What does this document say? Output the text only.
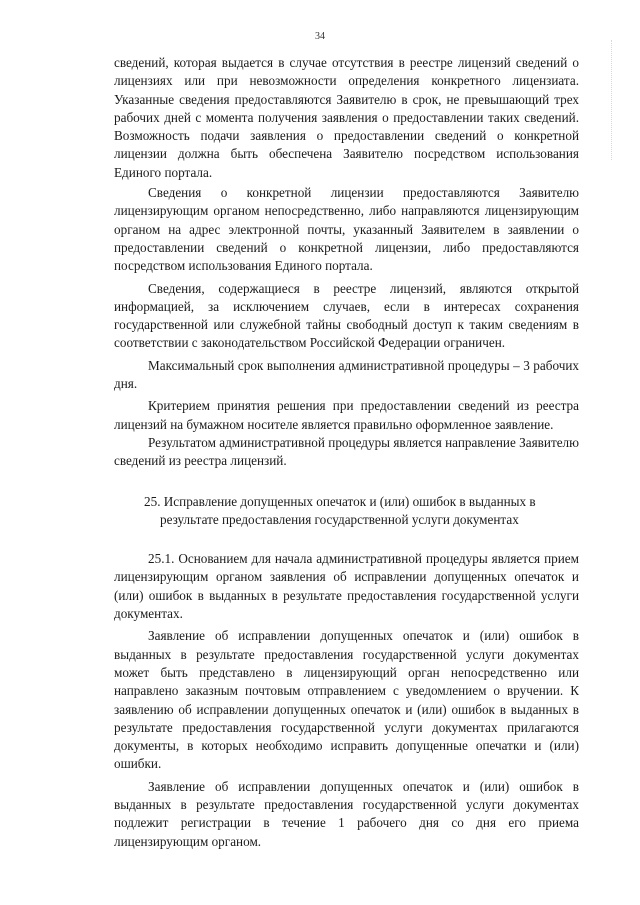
34

сведений, которая выдается в случае отсутствия в реестре лицензий сведений о лицензиях или при невозможности определения конкретного лицензиата. Указанные сведения предоставляются Заявителю в срок, не превышающий трех рабочих дней с момента получения заявления о предоставлении таких сведений. Возможность подачи заявления о предоставлении сведений о конкретной лицензии должна быть обеспечена Заявителю посредством использования Единого портала.

Сведения о конкретной лицензии предоставляются Заявителю лицензирующим органом непосредственно, либо направляются лицензирующим органом на адрес электронной почты, указанный Заявителем в заявлении о предоставлении сведений о конкретной лицензии, либо предоставляются посредством использования Единого портала.

Сведения, содержащиеся в реестре лицензий, являются открытой информацией, за исключением случаев, если в интересах сохранения государственной или служебной тайны свободный доступ к таким сведениям в соответствии с законодательством Российской Федерации ограничен.

Максимальный срок выполнения административной процедуры – 3 рабочих дня.

Критерием принятия решения при предоставлении сведений из реестра лицензий на бумажном носителе является правильно оформленное заявление.

Результатом административной процедуры является направление Заявителю сведений из реестра лицензий.

25. Исправление допущенных опечаток и (или) ошибок в выданных в
результате предоставления государственной услуги документах

25.1. Основанием для начала административной процедуры является прием лицензирующим органом заявления об исправлении допущенных опечаток и (или) ошибок в выданных в результате предоставления государственной услуги документах.

Заявление об исправлении допущенных опечаток и (или) ошибок в выданных в результате предоставления государственной услуги документах может быть представлено в лицензирующий орган непосредственно или направлено заказным почтовым отправлением с уведомлением о вручении. К заявлению об исправлении допущенных опечаток и (или) ошибок в выданных в результате предоставления государственной услуги документах прилагаются документы, в которых необходимо исправить допущенные опечатки и (или) ошибки.

Заявление об исправлении допущенных опечаток и (или) ошибок в выданных в результате предоставления государственной услуги документах подлежит регистрации в течение 1 рабочего дня со дня его приема лицензирующим органом.
